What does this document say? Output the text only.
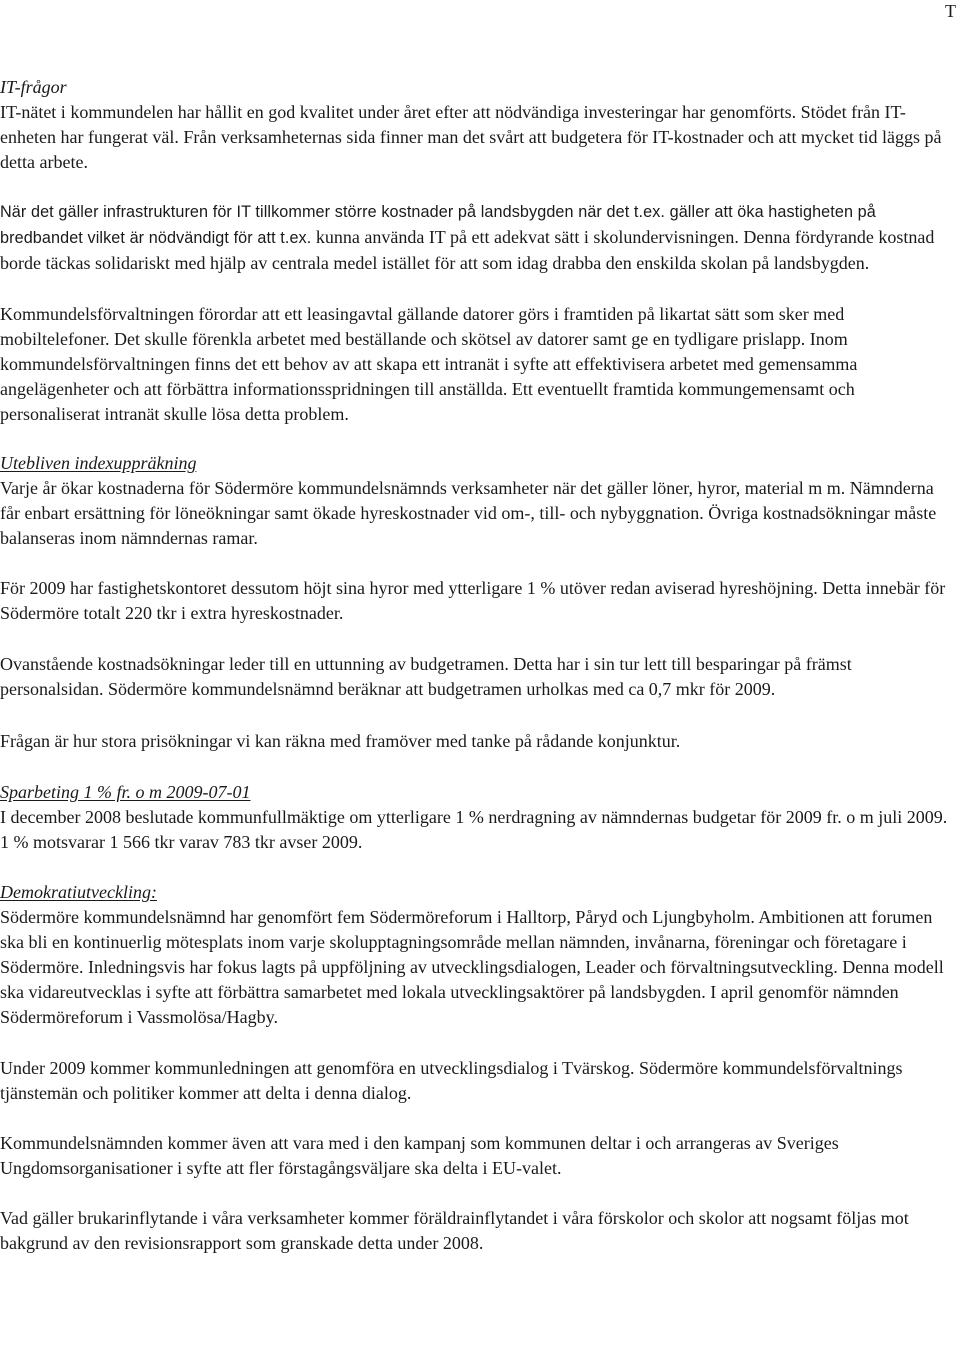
T
IT-frågor
IT-nätet i kommundelen har hållit en god kvalitet under året efter att nödvändiga investeringar har genomförts. Stödet från IT-enheten har fungerat väl. Från verksamheternas sida finner man det svårt att budgetera för IT-kostnader och att mycket tid läggs på detta arbete.
När det gäller infrastrukturen för IT tillkommer större kostnader på landsbygden när det t.ex. gäller att öka hastigheten på bredbandet vilket är nödvändigt för att t.ex. kunna använda IT på ett adekvat sätt i skolundervisningen. Denna fördyrande kostnad borde täckas solidariskt med hjälp av centrala medel istället för att som idag drabba den enskilda skolan på landsbygden.
Kommundelsförvaltningen förordar att ett leasingavtal gällande datorer görs i framtiden på likartat sätt som sker med mobiltelefoner. Det skulle förenkla arbetet med beställande och skötsel av datorer samt ge en tydligare prislapp. Inom kommundelsförvaltningen finns det ett behov av att skapa ett intranät i syfte att effektivisera arbetet med gemensamma angelägenheter och att förbättra informationsspridningen till anställda. Ett eventuellt framtida kommungemensamt och personaliserat intranät skulle lösa detta problem.
Utebliven indexuppräkning
Varje år ökar kostnaderna för Södermöre kommundelsnämnds verksamheter när det gäller löner, hyror, material m m. Nämnderna får enbart ersättning för löneökningar samt ökade hyreskostnader vid om-, till- och nybyggnation. Övriga kostnadsökningar måste balanseras inom nämndernas ramar.
För 2009 har fastighetskontoret dessutom höjt sina hyror med ytterligare 1 % utöver redan aviserad hyreshöjning. Detta innebär för Södermöre totalt 220 tkr i extra hyreskostnader.
Ovanstående kostnadsökningar leder till en uttunning av budgetramen. Detta har i sin tur lett till besparingar på främst personalsidan. Södermöre kommundelsnämnd beräknar att budgetramen urholkas med ca 0,7 mkr för 2009.
Frågan är hur stora prisökningar vi kan räkna med framöver med tanke på rådande konjunktur.
Sparbeting 1 % fr. o m 2009-07-01
I december 2008 beslutade kommunfullmäktige om ytterligare 1 % nerdragning av nämndernas budgetar för 2009 fr. o m juli 2009. 1 % motsvarar 1 566 tkr varav 783 tkr avser 2009.
Demokratiutveckling:
Södermöre kommundelsnämnd har genomfört fem Södermöreforum i Halltorp, Påryd och Ljungbyholm. Ambitionen att forumen ska bli en kontinuerlig mötesplats inom varje skolupptagningsområde mellan nämnden, invånarna, föreningar och företagare i Södermöre. Inledningsvis har fokus lagts på uppföljning av utvecklingsdialogen, Leader och förvaltningsutveckling. Denna modell ska vidareutvecklas i syfte att förbättra samarbetet med lokala utvecklingsaktörer på landsbygden. I april genomför nämnden Södermöreforum i Vassmolösa/Hagby.
Under 2009 kommer kommunledningen att genomföra en utvecklingsdialog i Tvärskog. Södermöre kommundelsförvaltnings tjänstemän och politiker kommer att delta i denna dialog.
Kommundelsnämnden kommer även att vara med i den kampanj som kommunen deltar i och arrangeras av Sveriges Ungdomsorganisationer i syfte att fler förstagångsväljare ska delta i EU-valet.
Vad gäller brukarinflytande i våra verksamheter kommer föräldrainflytandet i våra förskolor och skolor att nogsamt följas mot bakgrund av den revisionsrapport som granskade detta under 2008.
